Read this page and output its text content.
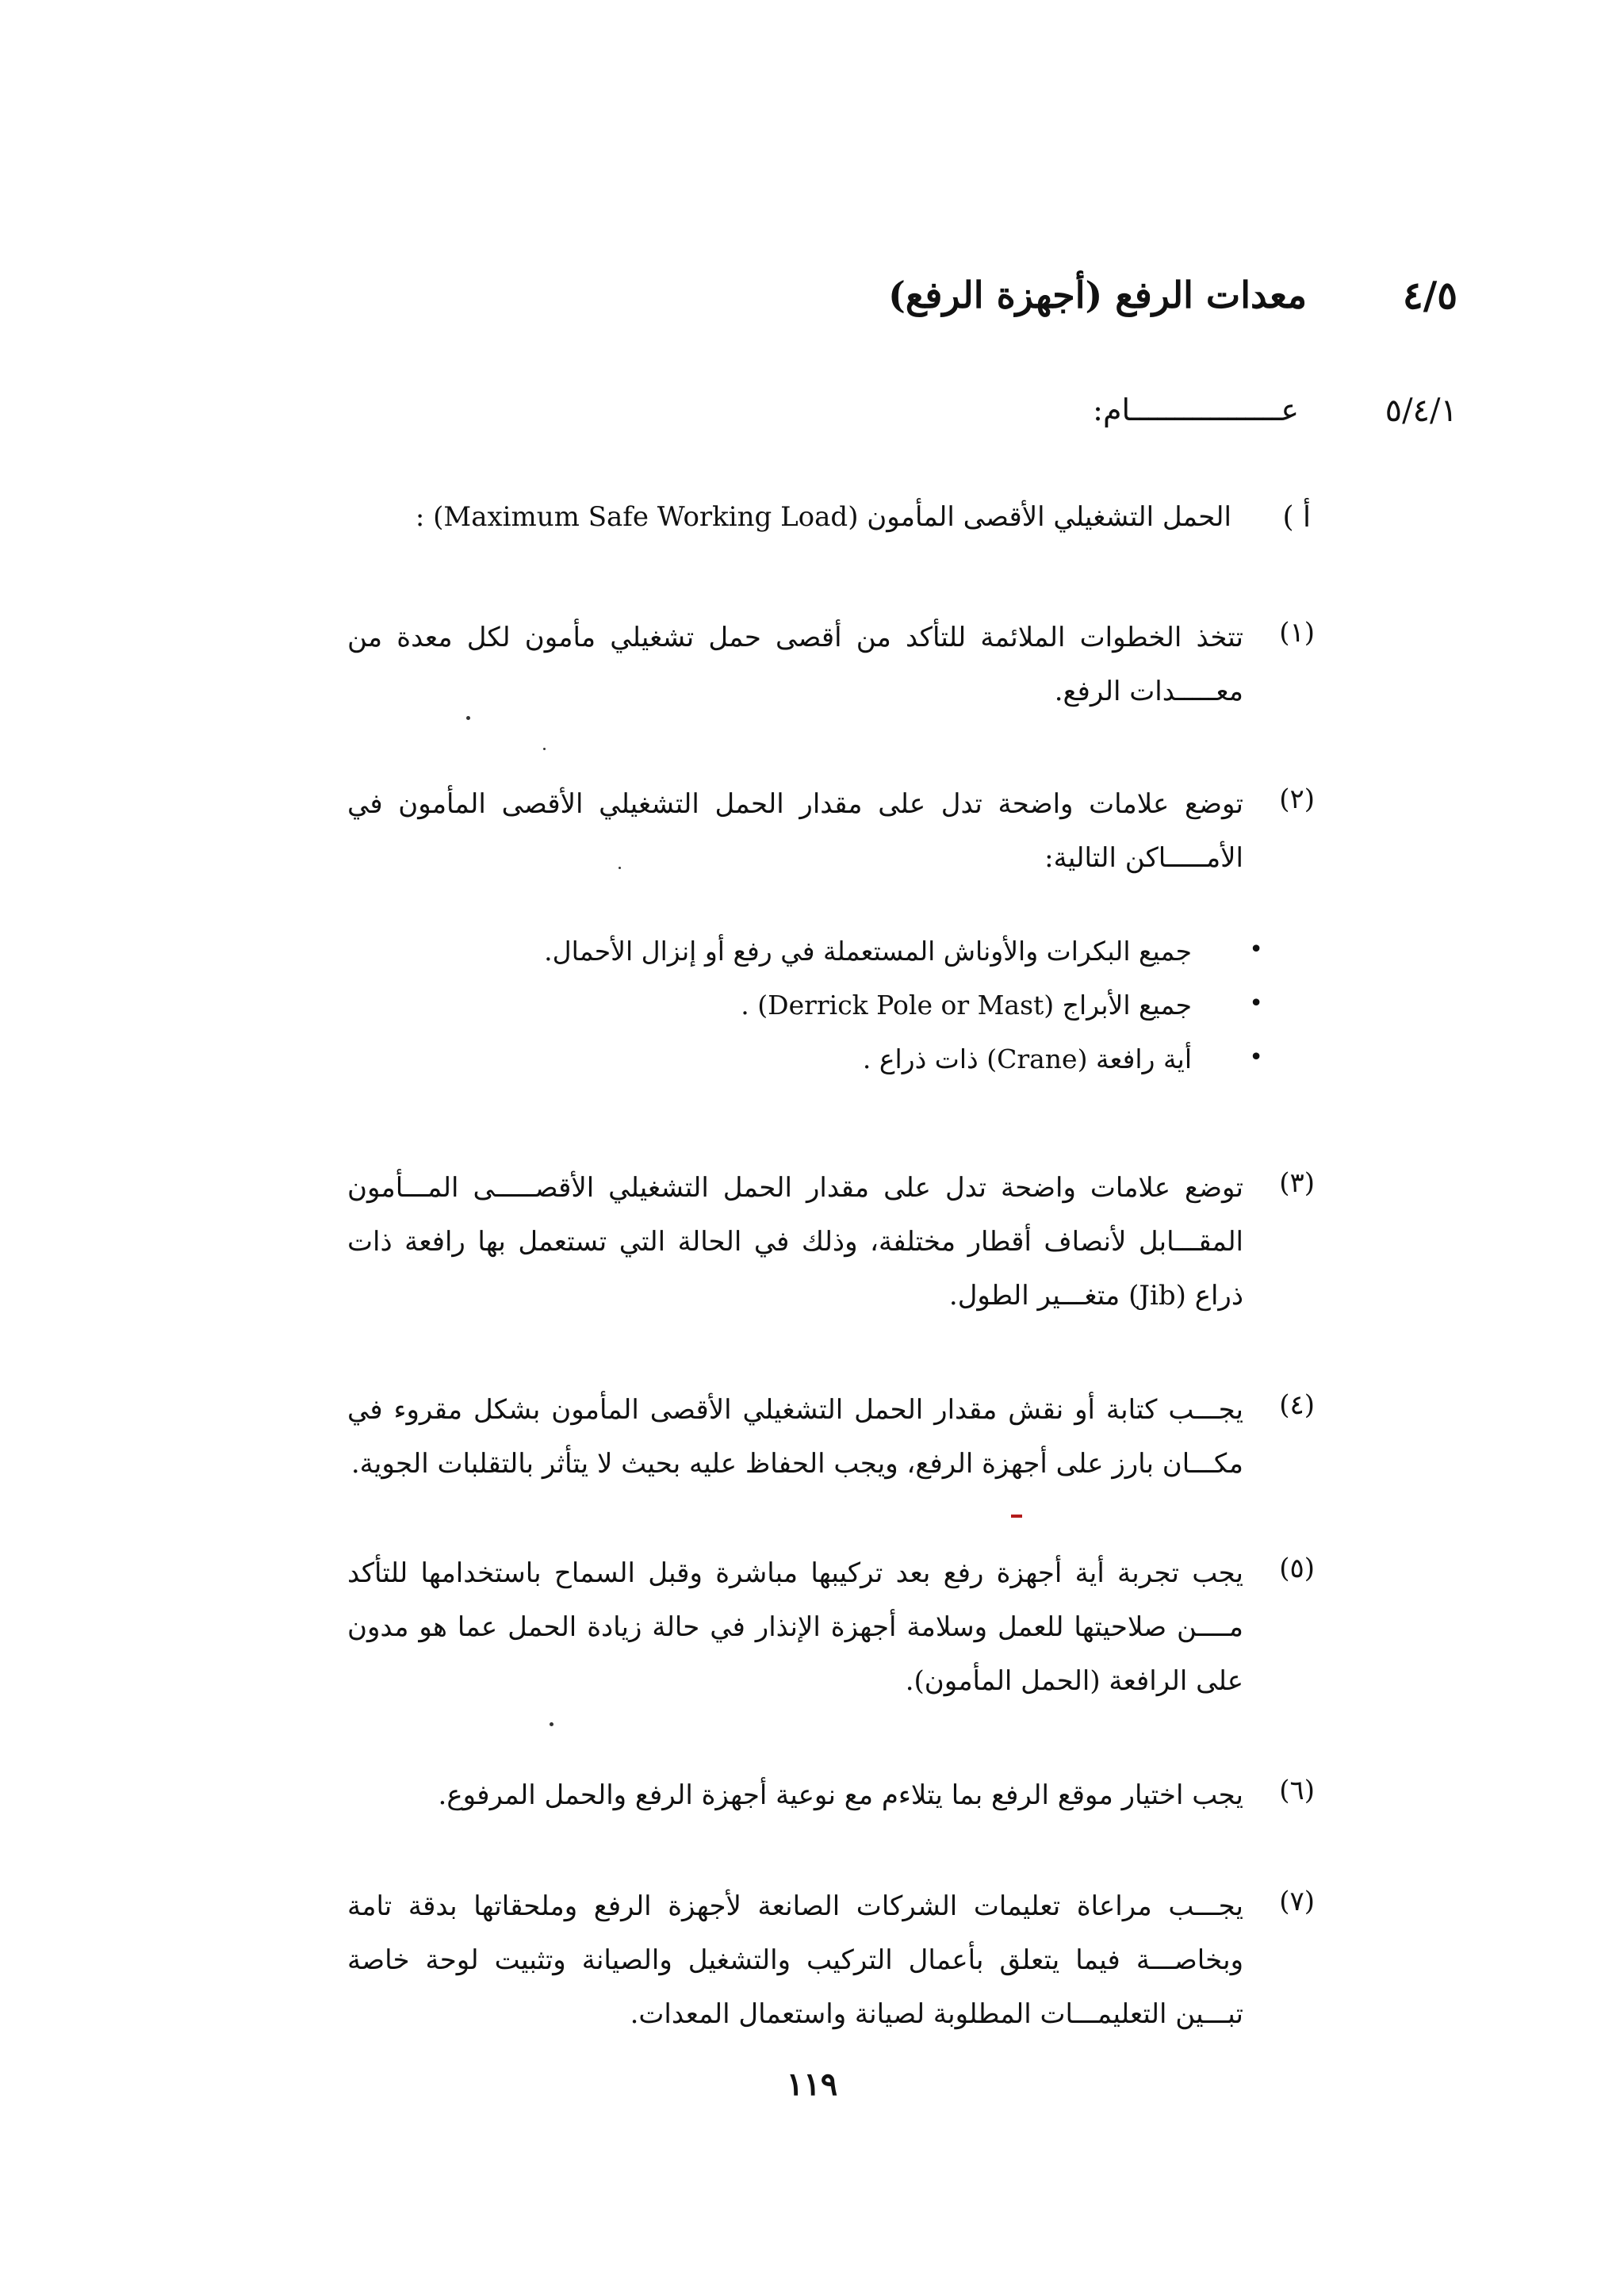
٤/٥
معدات الرفع (أجهزة الرفع)
٥/٤/١
عـــــــــــــــــام:
أ )
الحمل التشغيلي الأقصى المأمون (Maximum Safe Working Load) :
(١)
تتخذ الخطوات الملائمة للتأكد من أقصى حمل تشغيلي مأمون لكل معدة من معـــــدات الرفع.
(٢)
توضع علامات واضحة تدل على مقدار الحمل التشغيلي الأقصى المأمون في الأمـــــاكن التالية:
•
جميع البكرات والأوناش المستعملة في رفع أو إنزال الأحمال.
•
جميع الأبراج (Derrick Pole or Mast) .
•
أية رافعة (Crane) ذات ذراع .
(٣)
توضع علامات واضحة تدل على مقدار الحمل التشغيلي الأقصـــــى المـــأمون المقـــابل لأنصاف أقطار مختلفة، وذلك في الحالة التي تستعمل بها رافعة ذات ذراع (Jib) متغـــير الطول.
(٤)
يجـــب كتابة أو نقش مقدار الحمل التشغيلي الأقصى المأمون بشكل مقروء في مكـــان بارز على أجهزة الرفع، ويجب الحفاظ عليه بحيث لا يتأثر بالتقلبات الجوية.
(٥)
يجب تجربة أية أجهزة رفع بعد تركيبها مباشرة وقبل السماح باستخدامها للتأكد مــــن صلاحيتها للعمل وسلامة أجهزة الإنذار في حالة زيادة الحمل عما هو مدون على الرافعة (الحمل المأمون).
(٦)
يجب اختيار موقع الرفع بما يتلاءم مع نوعية أجهزة الرفع والحمل المرفوع.
(٧)
يجـــب مراعاة تعليمات الشركات الصانعة لأجهزة الرفع وملحقاتها بدقة تامة وبخاصـــة فيما يتعلق بأعمال التركيب والتشغيل والصيانة وتثبيت لوحة خاصة تبـــين التعليمـــات المطلوبة لصيانة واستعمال المعدات.
١١٩
